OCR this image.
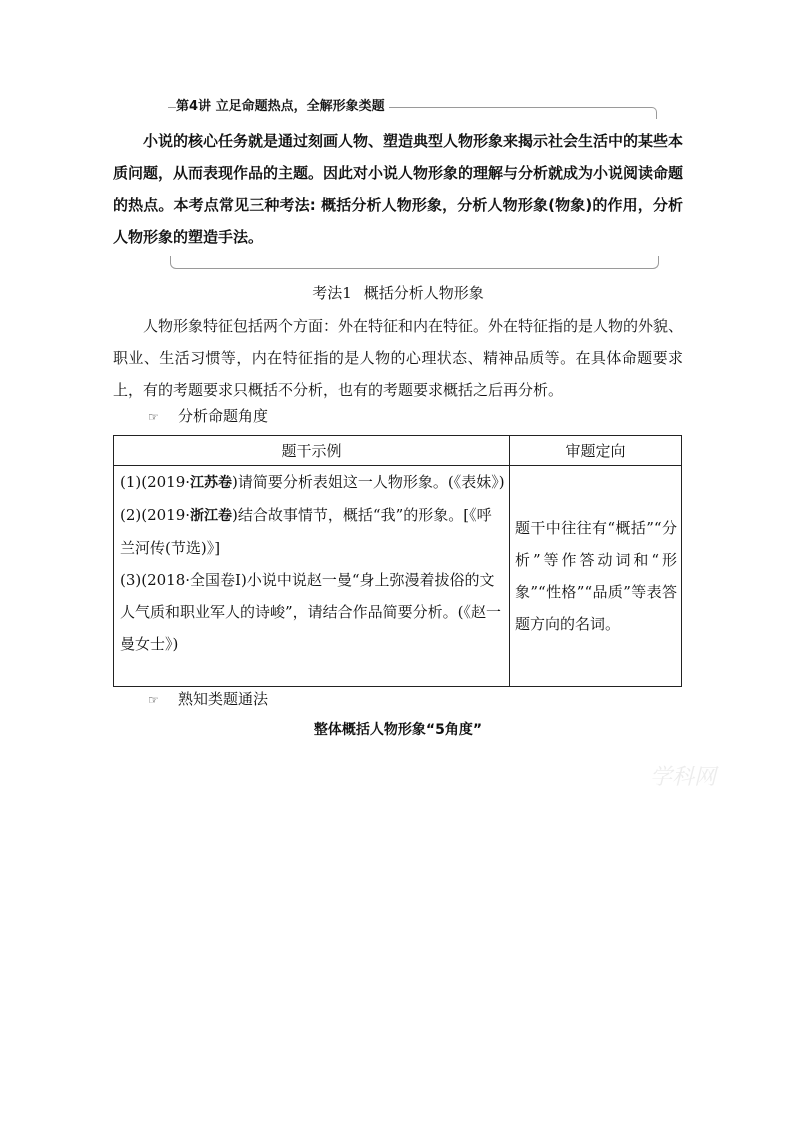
第4讲 立足命题热点，全解形象类题

小说的核心任务就是通过刻画人物、塑造典型人物形象来揭示社会生活中的某些本质问题，从而表现作品的主题。因此对小说人物形象的理解与分析就成为小说阅读命题的热点。本考点常见三种考法: 概括分析人物形象，分析人物形象(物象)的作用，分析人物形象的塑造手法。

考法1 概括分析人物形象

人物形象特征包括两个方面：外在特征和内在特征。外在特征指的是人物的外貌、职业、生活习惯等，内在特征指的是人物的心理状态、精神品质等。在具体命题要求上，有的考题要求只概括不分析，也有的考题要求概括之后再分析。

☞ 分析命题角度
题干示例	审题定向

(1)(2019·江苏卷)请简要分析表姐这一人物形象。(《表妹》)
(2)(2019·浙江卷)结合故事情节，概括“我”的形象。[《呼兰河传(节选)》]
(3)(2018·全国卷Ⅰ)小说中说赵一曼“身上弥漫着拔俗的文人气质和职业军人的诗峻”，请结合作品简要分析。(《赵一曼女士》)	题干中往往有“概括”“分析”等作答动词和“形象”“性格”“品质”等表答题方向的名词。
☞ 熟知类题通法
整体概括人物形象“5角度”
学科网
